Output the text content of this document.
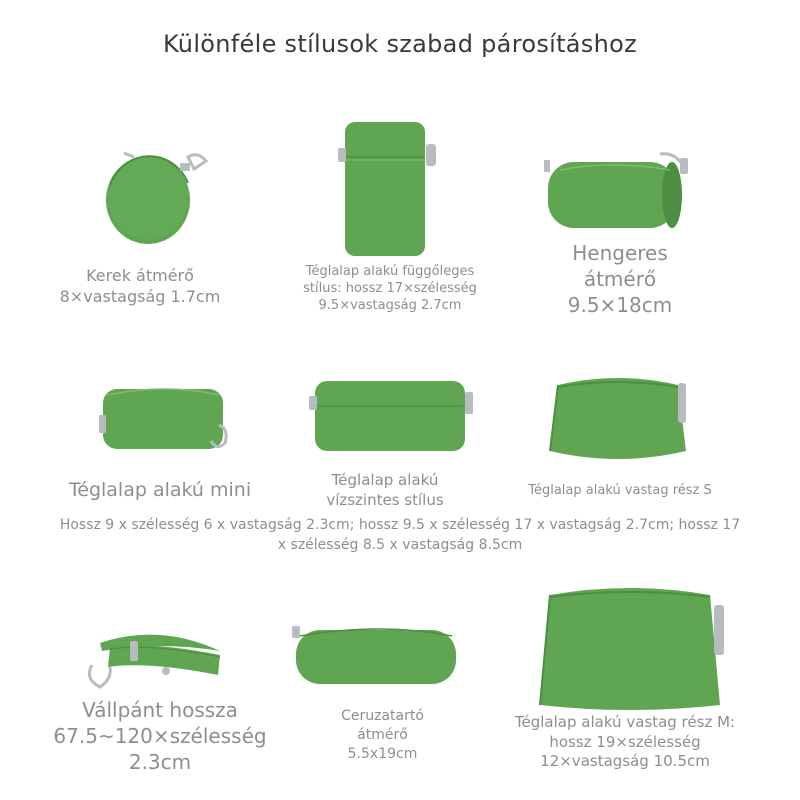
Különféle stílusok szabad párosításhoz
Kerek átmérő
8×vastagság 1.7cm
Téglalap alakú függőleges
stílus: hossz 17×szélesség
9.5×vastagság 2.7cm
Hengeres
átmérő
9.5×18cm
Téglalap alakú mini	Téglalap alakú
vízszintes stílus	Téglalap alakú vastag rész S
Hossz 9 x szélesség 6 x vastagság 2.3cm; hossz 9.5 x szélesség 17 x vastagság 2.7cm; hossz 17
x szélesség 8.5 x vastagság 8.5cm
Vállpánt hossza
67.5~120×szélesség
2.3cm
Ceruzatartó
átmérő
5.5x19cm
Téglalap alakú vastag rész M:
hossz 19×szélesség
12×vastagság 10.5cm
